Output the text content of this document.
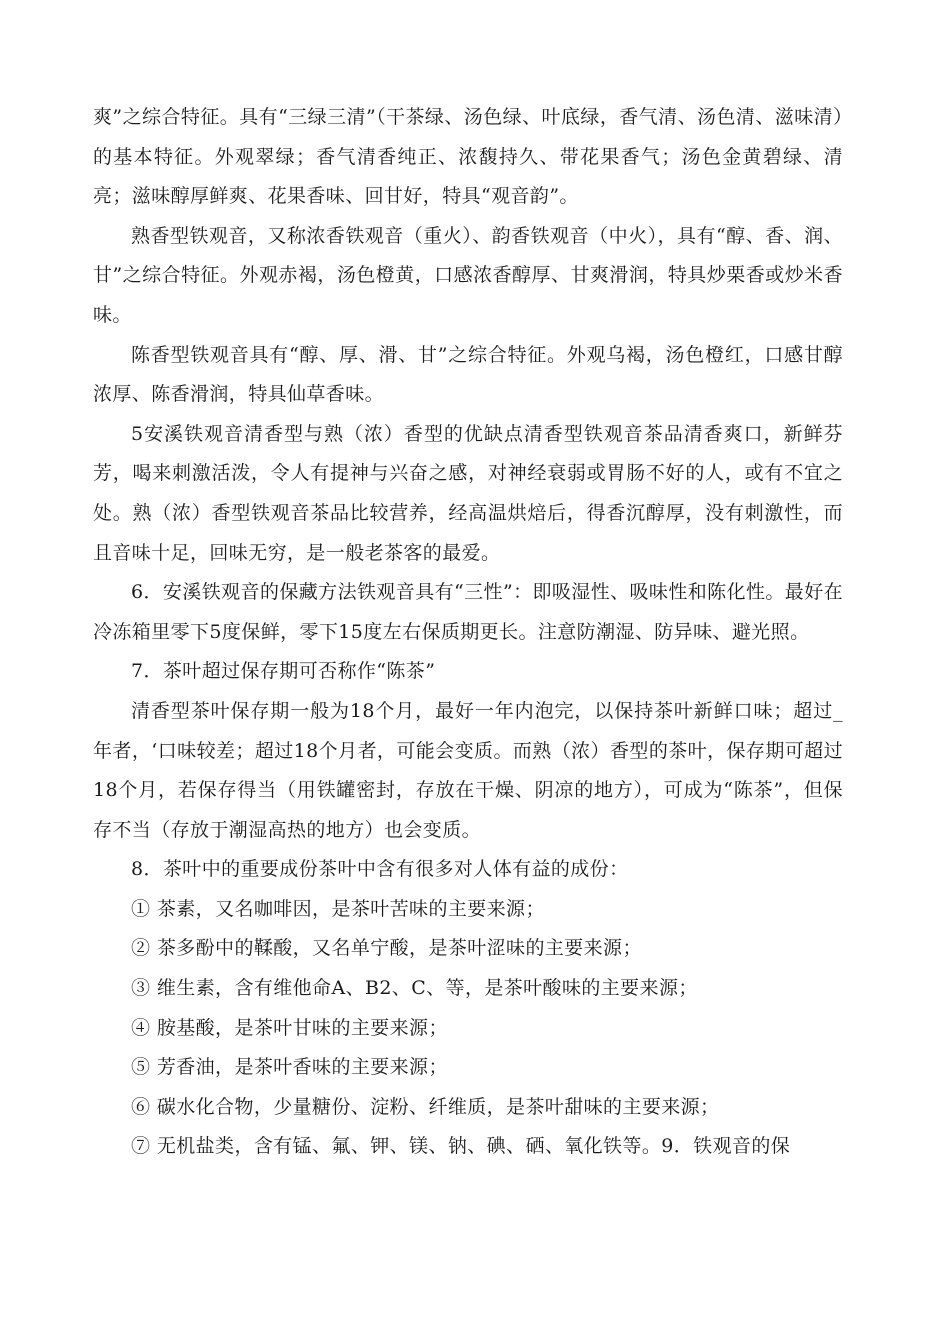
爽”之综合特征。具有“三绿三清”（干茶绿、汤色绿、叶底绿，香气清、汤色清、滋味清）的基本特征。外观翠绿；香气清香纯正、浓馥持久、带花果香气；汤色金黄碧绿、清亮；滋味醇厚鲜爽、花果香味、回甘好，特具“观音韵”。

熟香型铁观音，又称浓香铁观音（重火）、韵香铁观音（中火），具有“醇、香、润、甘”之综合特征。外观赤褐，汤色橙黄，口感浓香醇厚、甘爽滑润，特具炒栗香或炒米香味。

陈香型铁观音具有“醇、厚、滑、甘”之综合特征。外观乌褐，汤色橙红，口感甘醇浓厚、陈香滑润，特具仙草香味。

5安溪铁观音清香型与熟（浓）香型的优缺点清香型铁观音茶品清香爽口，新鲜芬芳，喝来刺激活泼，令人有提神与兴奋之感，对神经衰弱或胃肠不好的人，或有不宜之处。熟（浓）香型铁观音茶品比较营养，经高温烘焙后，得香沉醇厚，没有刺激性，而且音味十足，回味无穷，是一般老茶客的最爱。

6．安溪铁观音的保藏方法铁观音具有“三性”：即吸湿性、吸味性和陈化性。最好在冷冻箱里零下5度保鲜，零下15度左右保质期更长。注意防潮湿、防异味、避光照。

7．茶叶超过保存期可否称作“陈茶”

清香型茶叶保存期一般为18个月，最好一年内泡完，以保持茶叶新鲜口味；超过_年者，‘口味较差；超过18个月者，可能会变质。而熟（浓）香型的茶叶，保存期可超过18个月，若保存得当（用铁罐密封，存放在干燥、阴凉的地方），可成为“陈茶”，但保存不当（存放于潮湿高热的地方）也会变质。

8．茶叶中的重要成份茶叶中含有很多对人体有益的成份：

① 茶素，又名咖啡因，是茶叶苦味的主要来源；

② 茶多酚中的鞣酸，又名单宁酸，是茶叶涩味的主要来源；

③ 维生素，含有维他命A、B2、C、等，是茶叶酸味的主要来源；

④ 胺基酸，是茶叶甘味的主要来源；

⑤ 芳香油，是茶叶香味的主要来源；

⑥ 碳水化合物，少量糖份、淀粉、纤维质，是茶叶甜味的主要来源；

⑦ 无机盐类，含有锰、氟、钾、镁、钠、碘、硒、氧化铁等。9．铁观音的保
